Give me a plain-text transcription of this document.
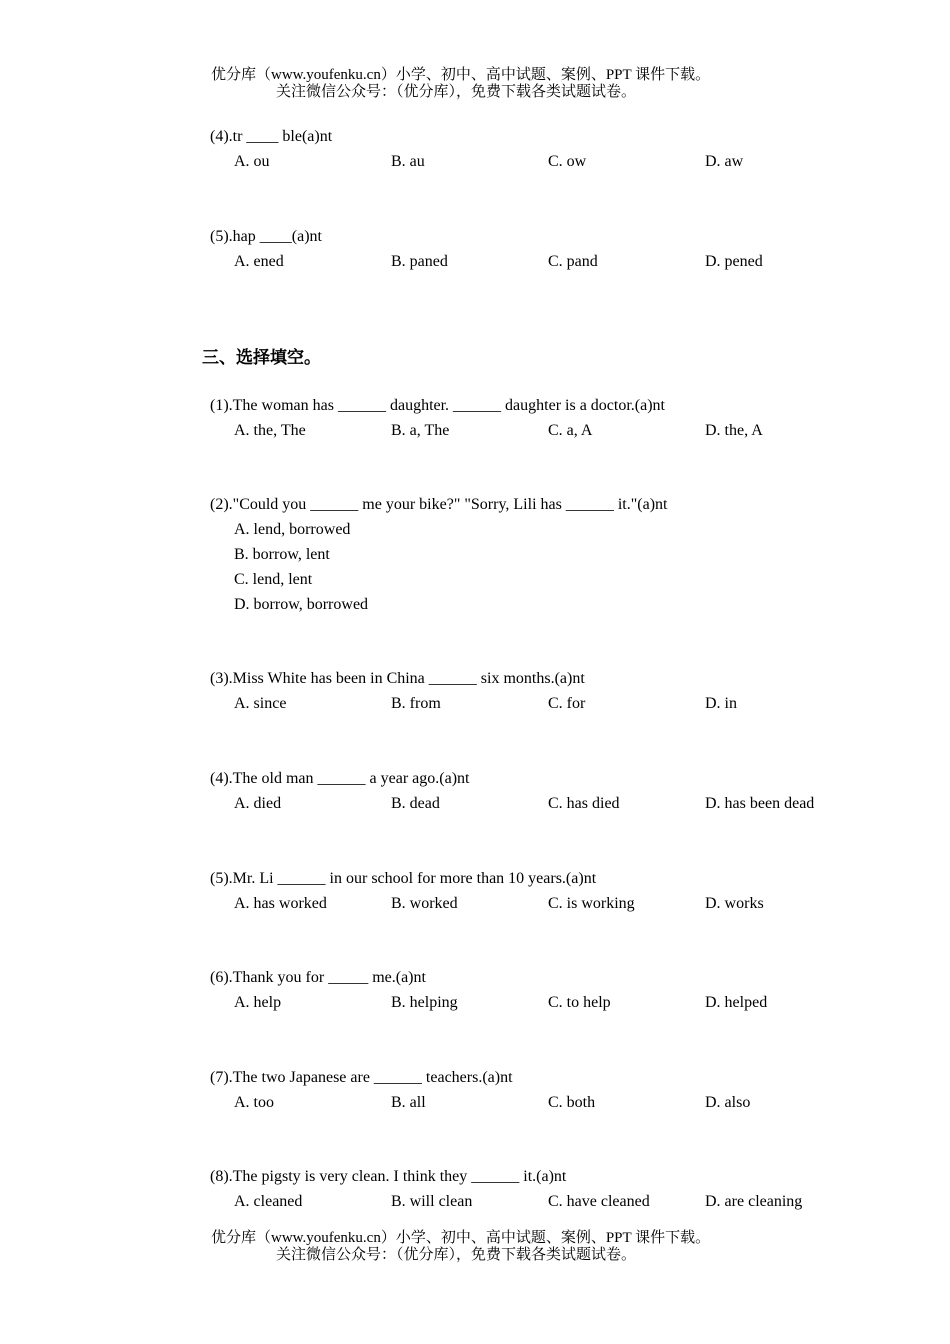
优分库（www.youfenku.cn）小学、初中、高中试题、案例、PPT 课件下载。
关注微信公众号：（优分库），免费下载各类试题试卷。
(4).tr ____ ble(a)nt
A. ou	B. au	C. ow	D. aw
(5).hap ____(a)nt
A. ened	B. paned	C. pand	D. pened
三、选择填空。
(1).The woman has ______ daughter. ______ daughter is a doctor.(a)nt
A. the, The	B. a, The	C. a, A	D. the, A
(2)."Could you ______ me your bike?" "Sorry, Lili has ______ it."(a)nt
A. lend, borrowed
B. borrow, lent
C. lend, lent
D. borrow, borrowed
(3).Miss White has been in China ______ six months.(a)nt
A. since	B. from	C. for	D. in
(4).The old man ______ a year ago.(a)nt
A. died	B. dead	C. has died	D. has been dead
(5).Mr. Li ______ in our school for more than 10 years.(a)nt
A. has worked	B. worked	C. is working	D. works
(6).Thank you for _____ me.(a)nt
A. help	B. helping	C. to help	D. helped
(7).The two Japanese are ______ teachers.(a)nt
A. too	B. all	C. both	D. also
(8).The pigsty is very clean. I think they ______ it.(a)nt
A. cleaned	B. will clean	C. have cleaned	D. are cleaning
优分库（www.youfenku.cn）小学、初中、高中试题、案例、PPT 课件下载。
关注微信公众号：（优分库），免费下载各类试题试卷。
